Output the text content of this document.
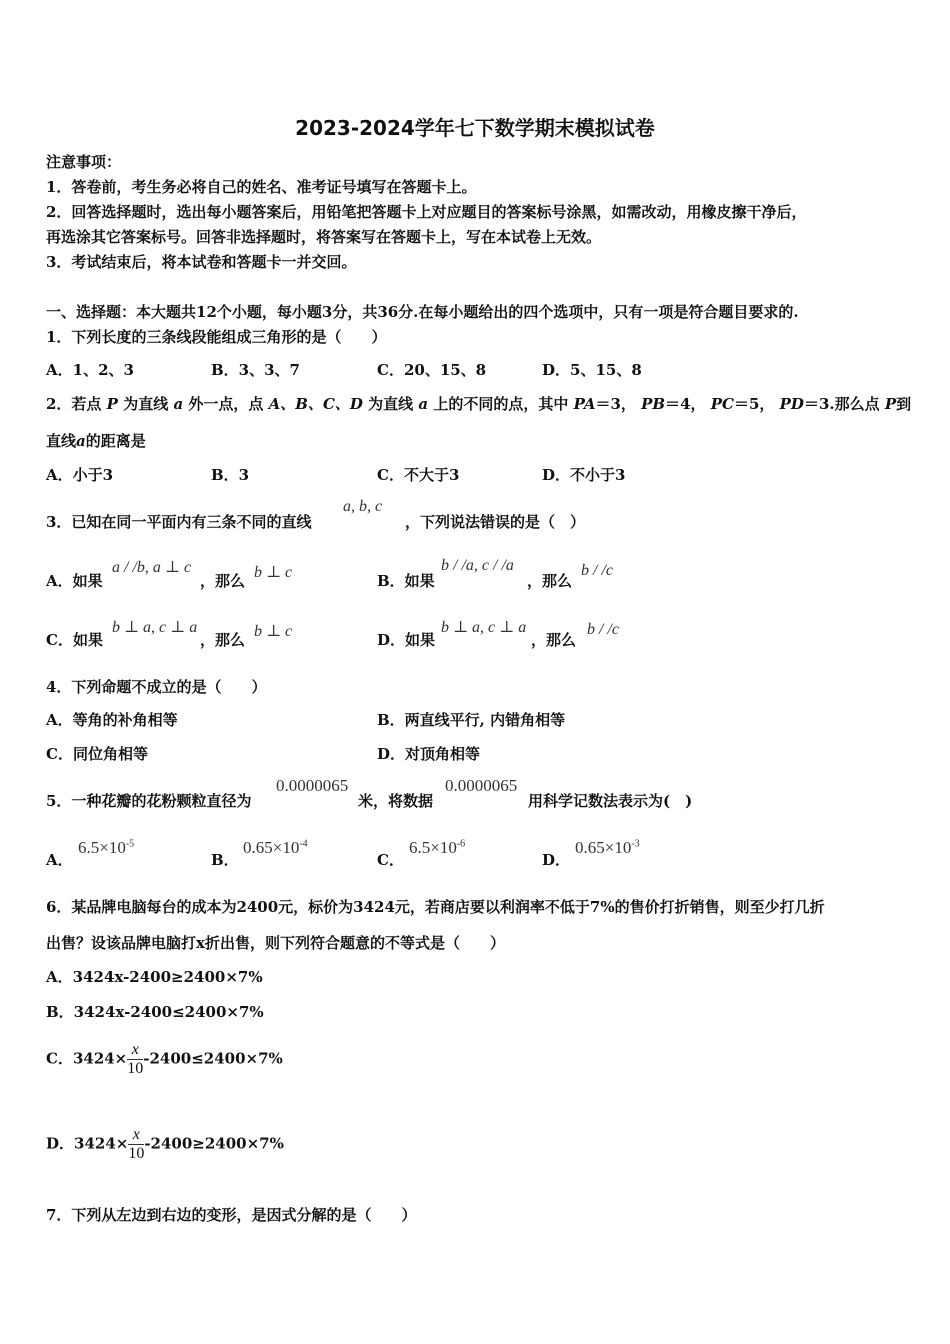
2023-2024学年七下数学期末模拟试卷
注意事项：
1．答卷前，考生务必将自己的姓名、准考证号填写在答题卡上。
2．回答选择题时，选出每小题答案后，用铅笔把答题卡上对应题目的答案标号涂黑，如需改动，用橡皮擦干净后，
再选涂其它答案标号。回答非选择题时，将答案写在答题卡上，写在本试卷上无效。
3．考试结束后，将本试卷和答题卡一并交回。
一、选择题：本大题共12个小题，每小题3分，共36分.在每小题给出的四个选项中，只有一项是符合题目要求的.
1．下列长度的三条线段能组成三角形的是（　　）
A．1、2、3	B．3、3、7	C．20、15、8	D．5、15、8
2．若点 P 为直线 a 外一点，点 A、B、C、D 为直线 a 上的不同的点，其中 PA＝3， PB＝4， PC＝5， PD＝3.那么点 P到
直线a的距离是
A．小于3	B．3	C．不大于3	D．不小于3
3．已知在同一平面内有三条不同的直线
a, b, c
，下列说法错误的是（　）
A．如果
a / /b, a ⊥ c
，那么 b ⊥ c	B．如果
b / /a, c / /a
，那么
b / /c
C．如果
b ⊥ a, c ⊥ a
，那么 b ⊥ c	D．如果
b ⊥ a, c ⊥ a
，那么
b / /c
4．下列命题不成立的是（　　）
A．等角的补角相等	B．两直线平行, 内错角相等
C．同位角相等	D．对顶角相等
5．一种花瓣的花粉颗粒直径为
0.0000065
米，将数据
0.0000065
用科学记数法表示为(　)
A．
$6.5\times 10^{-5}$
B．
$0.65\times 10^{-4}$
C．
$6.5\times 10^{-6}$
D．
$0.65\times 10^{-3}$
6．某品牌电脑每台的成本为2400元，标价为3424元，若商店要以利润率不低于7%的售价打折销售，则至少打几折
出售？设该品牌电脑打x折出售，则下列符合题意的不等式是（　　）
A．3424x-2400≥2400×7%
B．3424x-2400≤2400×7%
C．$3424\times \frac{x}{10} -2400\le 2400\times 7\%$
D．$3424\times \frac{x}{10} -2400\ge 2400\times 7\%$
7．下列从左边到右边的变形，是因式分解的是（　　）
